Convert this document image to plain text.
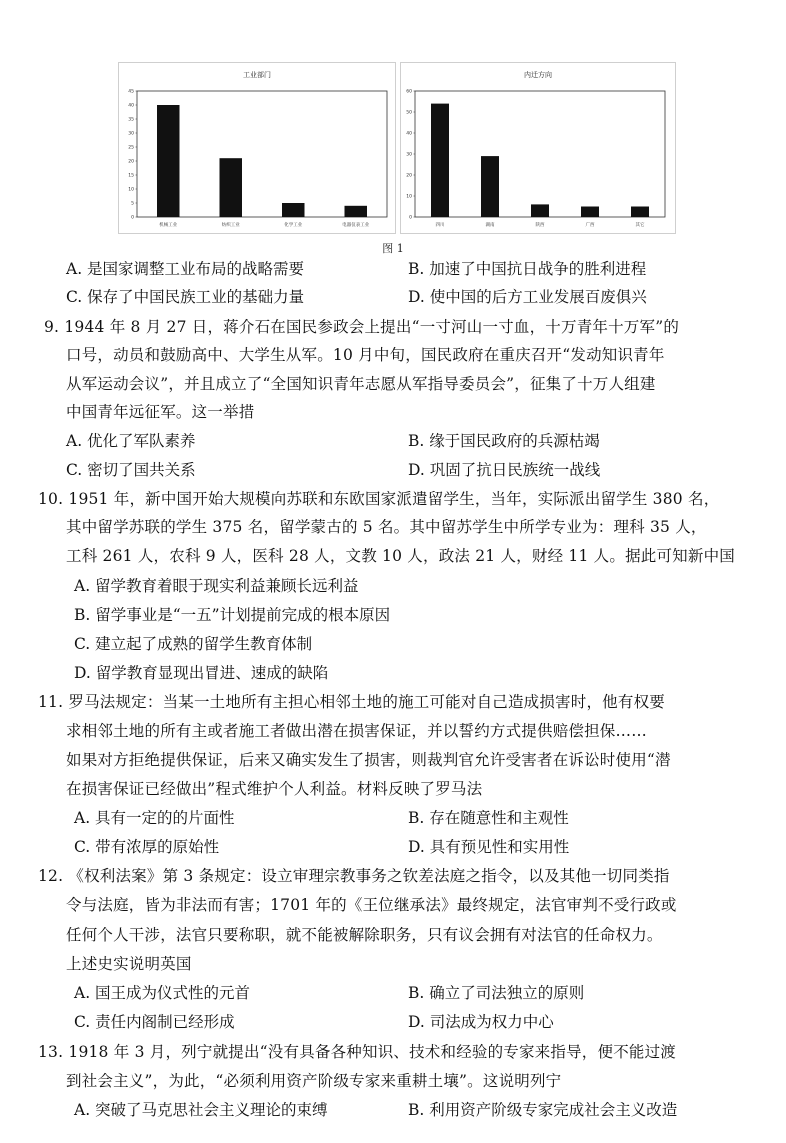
工业部门
0
5
10
15
20
25
30
35
40
45
机械工业	纺织工业	化学工业	电器仪表工业
内迁方向
0
10
20
30
40
50
60
四川	湖南	陕西	广西	其它
图 1
A. 是国家调整工业布局的战略需要	B. 加速了中国抗日战争的胜利进程
C. 保存了中国民族工业的基础力量	D. 使中国的后方工业发展百废俱兴
9. 1944 年 8 月 27 日，蒋介石在国民参政会上提出“一寸河山一寸血，十万青年十万军”的
口号，动员和鼓励高中、大学生从军。10 月中旬，国民政府在重庆召开“发动知识青年
从军运动会议”，并且成立了“全国知识青年志愿从军指导委员会”，征集了十万人组建
中国青年远征军。这一举措
A. 优化了军队素养	B. 缘于国民政府的兵源枯竭
C. 密切了国共关系	D. 巩固了抗日民族统一战线
10. 1951 年，新中国开始大规模向苏联和东欧国家派遣留学生，当年，实际派出留学生 380 名，
其中留学苏联的学生 375 名，留学蒙古的 5 名。其中留苏学生中所学专业为：理科 35 人，
工科 261 人，农科 9 人，医科 28 人，文教 10 人，政法 21 人，财经 11 人。据此可知新中国
A. 留学教育着眼于现实利益兼顾长远利益
B. 留学事业是“一五”计划提前完成的根本原因
C. 建立起了成熟的留学生教育体制
D. 留学教育显现出冒进、速成的缺陷
11. 罗马法规定：当某一土地所有主担心相邻土地的施工可能对自己造成损害时，他有权要
求相邻土地的所有主或者施工者做出潜在损害保证，并以誓约方式提供赔偿担保……
如果对方拒绝提供保证，后来又确实发生了损害，则裁判官允许受害者在诉讼时使用“潜
在损害保证已经做出”程式维护个人利益。材料反映了罗马法
A. 具有一定的的片面性	B. 存在随意性和主观性
C. 带有浓厚的原始性	D. 具有预见性和实用性
12. 《权利法案》第 3 条规定：设立审理宗教事务之钦差法庭之指令，以及其他一切同类指
令与法庭，皆为非法而有害；1701 年的《王位继承法》最终规定，法官审判不受行政或
任何个人干涉，法官只要称职，就不能被解除职务，只有议会拥有对法官的任命权力。
上述史实说明英国
A. 国王成为仪式性的元首	B. 确立了司法独立的原则
C. 责任内阁制已经形成	D. 司法成为权力中心
13. 1918 年 3 月，列宁就提出“没有具备各种知识、技术和经验的专家来指导，便不能过渡
到社会主义”，为此，“必须利用资产阶级专家来重耕土壤”。这说明列宁
A. 突破了马克思社会主义理论的束缚	B. 利用资产阶级专家完成社会主义改造
